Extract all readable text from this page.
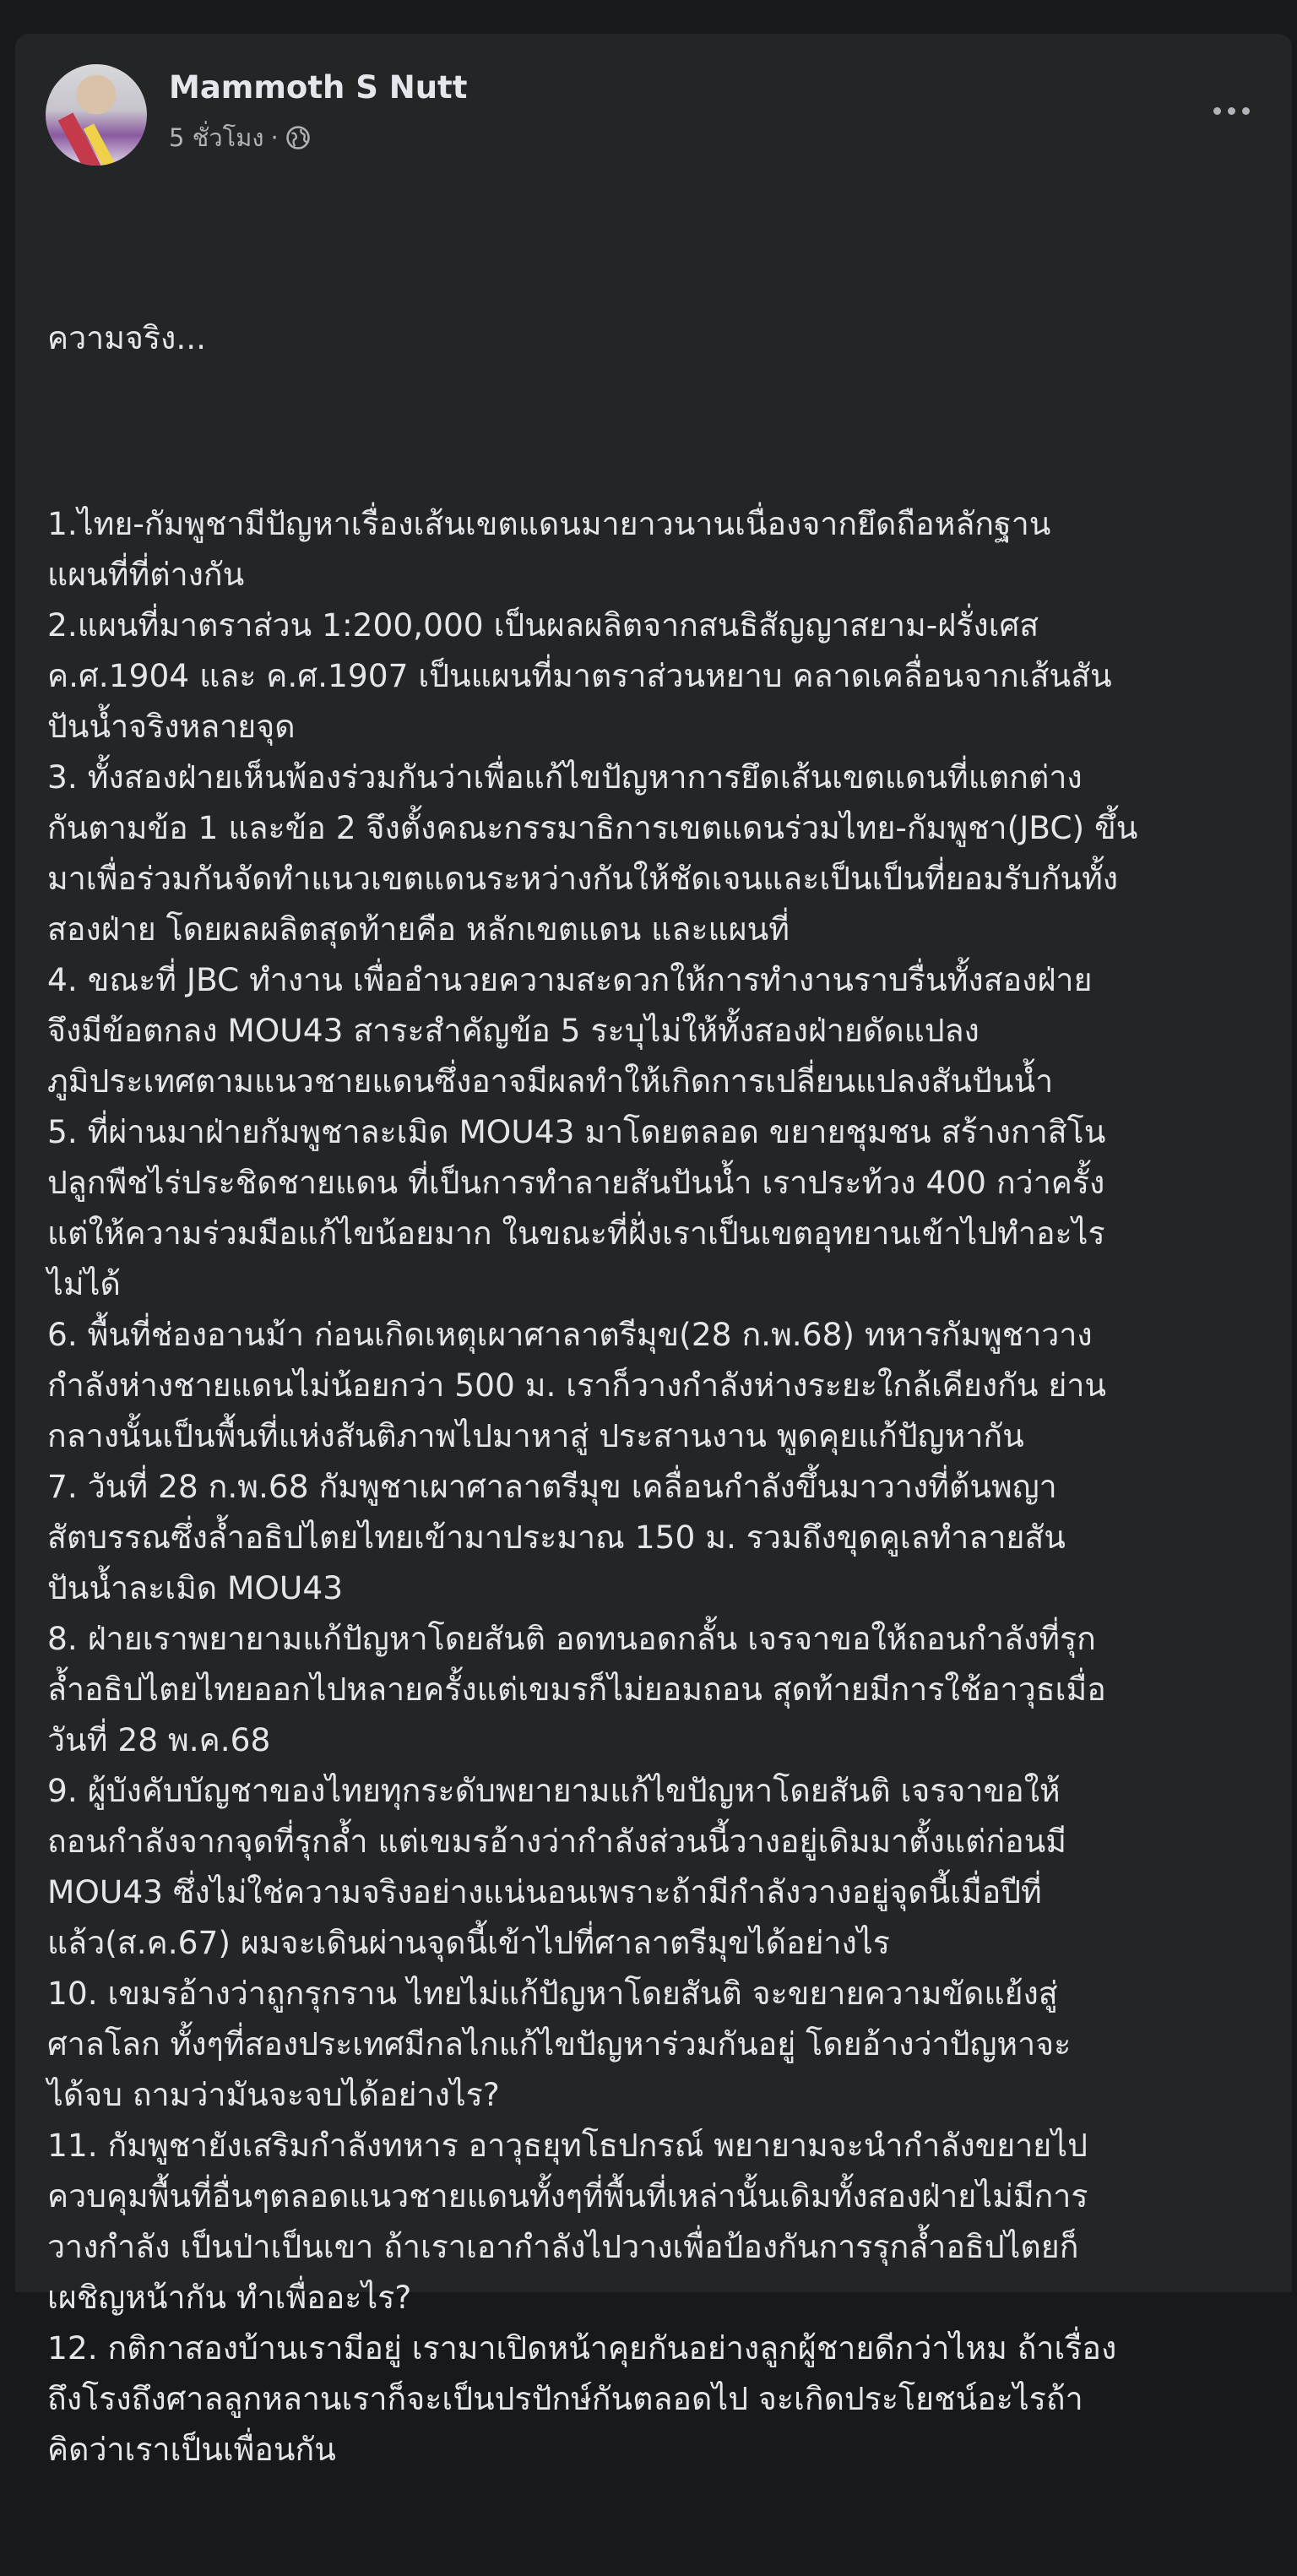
Mammoth S Nutt
5 ชั่วโมง ·

ความจริง...

1.ไทย-กัมพูชามีปัญหาเรื่องเส้นเขตแดนมายาวนานเนื่องจากยึดถือหลักฐาน
แผนที่ที่ต่างกัน
2.แผนที่มาตราส่วน 1:200,000 เป็นผลผลิตจากสนธิสัญญาสยาม-ฝรั่งเศส
ค.ศ.1904 และ ค.ศ.1907 เป็นแผนที่มาตราส่วนหยาบ คลาดเคลื่อนจากเส้นสัน
ปันน้ำจริงหลายจุด
3. ทั้งสองฝ่ายเห็นพ้องร่วมกันว่าเพื่อแก้ไขปัญหาการยึดเส้นเขตแดนที่แตกต่าง
กันตามข้อ 1 และข้อ 2 จึงตั้งคณะกรรมาธิการเขตแดนร่วมไทย-กัมพูชา(JBC) ขึ้น
มาเพื่อร่วมกันจัดทำแนวเขตแดนระหว่างกันให้ชัดเจนและเป็นเป็นที่ยอมรับกันทั้ง
สองฝ่าย โดยผลผลิตสุดท้ายคือ หลักเขตแดน และแผนที่
4. ขณะที่ JBC ทำงาน เพื่ออำนวยความสะดวกให้การทำงานราบรื่นทั้งสองฝ่าย
จึงมีข้อตกลง MOU43 สาระสำคัญข้อ 5 ระบุไม่ให้ทั้งสองฝ่ายดัดแปลง
ภูมิประเทศตามแนวชายแดนซึ่งอาจมีผลทำให้เกิดการเปลี่ยนแปลงสันปันน้ำ
5. ที่ผ่านมาฝ่ายกัมพูชาละเมิด MOU43 มาโดยตลอด ขยายชุมชน สร้างกาสิโน
ปลูกพืชไร่ประชิดชายแดน ที่เป็นการทำลายสันปันน้ำ เราประท้วง 400 กว่าครั้ง
แต่ให้ความร่วมมือแก้ไขน้อยมาก ในขณะที่ฝั่งเราเป็นเขตอุทยานเข้าไปทำอะไร
ไม่ได้
6. พื้นที่ช่องอานม้า ก่อนเกิดเหตุเผาศาลาตรีมุข(28 ก.พ.68) ทหารกัมพูชาวาง
กำลังห่างชายแดนไม่น้อยกว่า 500 ม. เราก็วางกำลังห่างระยะใกล้เคียงกัน ย่าน
กลางนั้นเป็นพื้นที่แห่งสันติภาพไปมาหาสู่ ประสานงาน พูดคุยแก้ปัญหากัน
7. วันที่ 28 ก.พ.68 กัมพูชาเผาศาลาตรีมุข เคลื่อนกำลังขึ้นมาวางที่ต้นพญา
สัตบรรณซึ่งล้ำอธิปไตยไทยเข้ามาประมาณ 150 ม. รวมถึงขุดคูเลทำลายสัน
ปันน้ำละเมิด MOU43
8. ฝ่ายเราพยายามแก้ปัญหาโดยสันติ อดทนอดกลั้น เจรจาขอให้ถอนกำลังที่รุก
ล้ำอธิปไตยไทยออกไปหลายครั้งแต่เขมรก็ไม่ยอมถอน สุดท้ายมีการใช้อาวุธเมื่อ
วันที่ 28 พ.ค.68
9. ผู้บังคับบัญชาของไทยทุกระดับพยายามแก้ไขปัญหาโดยสันติ เจรจาขอให้
ถอนกำลังจากจุดที่รุกล้ำ แต่เขมรอ้างว่ากำลังส่วนนี้วางอยู่เดิมมาตั้งแต่ก่อนมี
MOU43 ซึ่งไม่ใช่ความจริงอย่างแน่นอนเพราะถ้ามีกำลังวางอยู่จุดนี้เมื่อปีที่
แล้ว(ส.ค.67) ผมจะเดินผ่านจุดนี้เข้าไปที่ศาลาตรีมุขได้อย่างไร
10. เขมรอ้างว่าถูกรุกราน ไทยไม่แก้ปัญหาโดยสันติ จะขยายความขัดแย้งสู่
ศาลโลก ทั้งๆที่สองประเทศมีกลไกแก้ไขปัญหาร่วมกันอยู่ โดยอ้างว่าปัญหาจะ
ได้จบ ถามว่ามันจะจบได้อย่างไร?
11. กัมพูชายังเสริมกำลังทหาร อาวุธยุทโธปกรณ์ พยายามจะนำกำลังขยายไป
ควบคุมพื้นที่อื่นๆตลอดแนวชายแดนทั้งๆที่พื้นที่เหล่านั้นเดิมทั้งสองฝ่ายไม่มีการ
วางกำลัง เป็นป่าเป็นเขา ถ้าเราเอากำลังไปวางเพื่อป้องกันการรุกล้ำอธิปไตยก็
เผชิญหน้ากัน ทำเพื่ออะไร?
12. กติกาสองบ้านเรามีอยู่ เรามาเปิดหน้าคุยกันอย่างลูกผู้ชายดีกว่าไหม ถ้าเรื่อง
ถึงโรงถึงศาลลูกหลานเราก็จะเป็นปรปักษ์กันตลอดไป จะเกิดประโยชน์อะไรถ้า
คิดว่าเราเป็นเพื่อนกัน
